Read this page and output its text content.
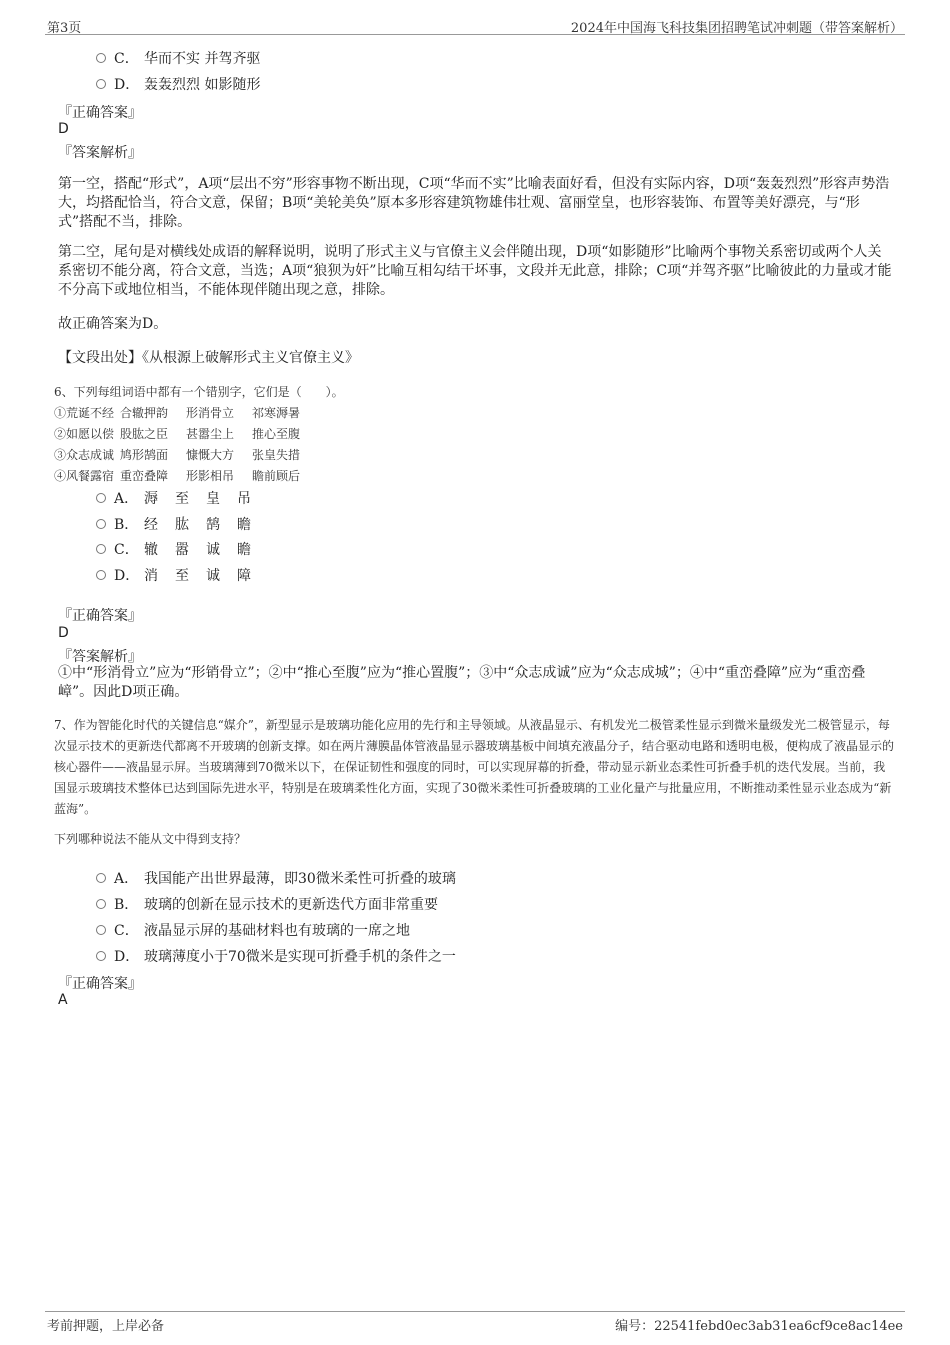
第3页	2024年中国海飞科技集团招聘笔试冲刺题（带答案解析）
C． 华而不实 并驾齐驱
D． 轰轰烈烈 如影随形
『正确答案』
D
『答案解析』
第一空，搭配“形式”，A项“层出不穷”形容事物不断出现，C项“华而不实”比喻表面好看，但没有实际内容，D项“轰轰烈烈”形容声势浩大，均搭配恰当，符合文意，保留；B项“美轮美奂”原本多形容建筑物雄伟壮观、富丽堂皇，也形容装饰、布置等美好漂亮，与“形式”搭配不当，排除。
第二空，尾句是对横线处成语的解释说明，说明了形式主义与官僚主义会伴随出现，D项“如影随形”比喻两个事物关系密切或两个人关系密切不能分离，符合文意，当选；A项“狼狈为奸”比喻互相勾结干坏事，文段并无此意，排除；C项“并驾齐驱”比喻彼此的力量或才能不分高下或地位相当，不能体现伴随出现之意，排除。
故正确答案为D。
【文段出处】《从根源上破解形式主义官僚主义》
6、下列每组词语中都有一个错别字，它们是（　　）。
①荒诞不经 合辙押韵 形消骨立 祁寒溽暑
②如愿以偿 股肱之臣 甚嚣尘上 推心至腹
③众志成诚 鸠形鹄面 慷慨大方 张皇失措
④风餐露宿 重峦叠障 形影相吊 瞻前顾后
A． 溽 至 皇 吊
B． 经 肱 鹄 瞻
C． 辙 嚣 诚 瞻
D． 消 至 诚 障
『正确答案』
D
『答案解析』
①中“形消骨立”应为“形销骨立”；②中“推心至腹”应为“推心置腹”；③中“众志成诚”应为“众志成城”；④中“重峦叠障”应为“重峦叠嶂”。因此D项正确。
7、作为智能化时代的关键信息“媒介”，新型显示是玻璃功能化应用的先行和主导领域。从液晶显示、有机发光二极管柔性显示到微米量级发光二极管显示，每次显示技术的更新迭代都离不开玻璃的创新支撑。如在两片薄膜晶体管液晶显示器玻璃基板中间填充液晶分子，结合驱动电路和透明电极，便构成了液晶显示的核心器件——液晶显示屏。当玻璃薄到70微米以下，在保证韧性和强度的同时，可以实现屏幕的折叠，带动显示新业态柔性可折叠手机的迭代发展。当前，我国显示玻璃技术整体已达到国际先进水平，特别是在玻璃柔性化方面，实现了30微米柔性可折叠玻璃的工业化量产与批量应用，不断推动柔性显示业态成为“新蓝海”。
下列哪种说法不能从文中得到支持？
A． 我国能产出世界最薄，即30微米柔性可折叠的玻璃
B． 玻璃的创新在显示技术的更新迭代方面非常重要
C． 液晶显示屏的基础材料也有玻璃的一席之地
D． 玻璃薄度小于70微米是实现可折叠手机的条件之一
『正确答案』
A
考前押题，上岸必备	编号：22541febd0ec3ab31ea6cf9ce8ac14ee
